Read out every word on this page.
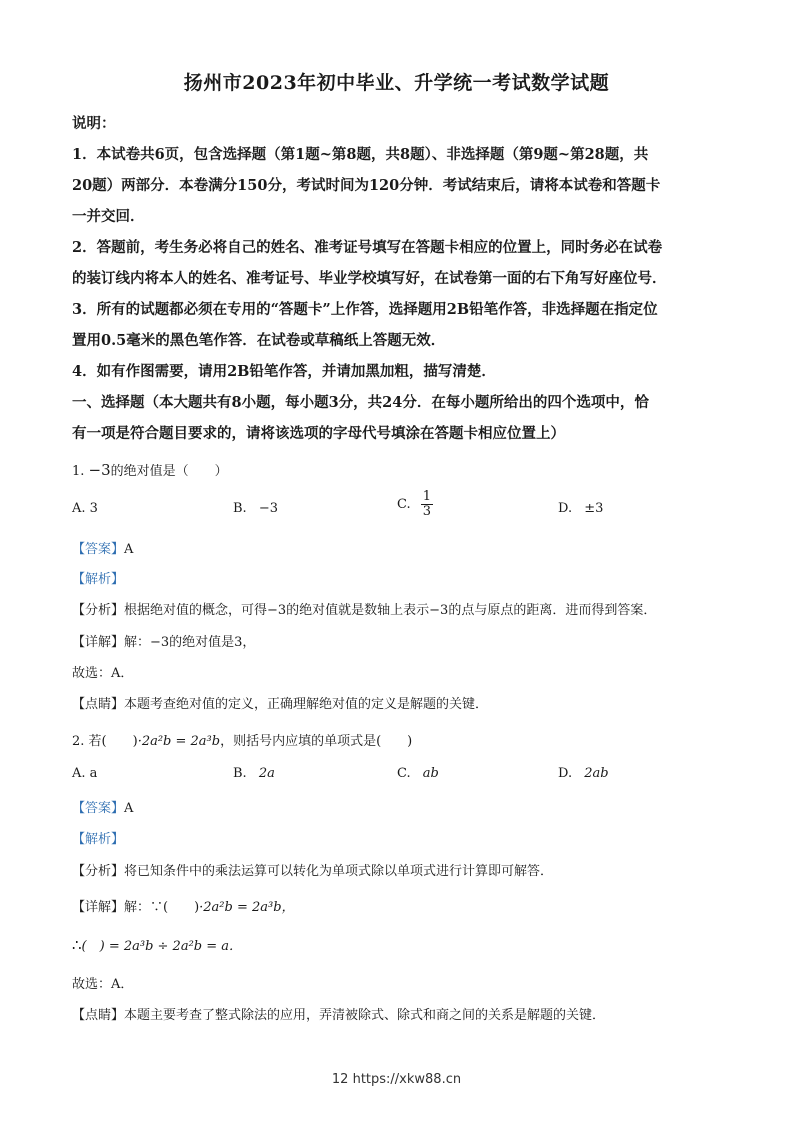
扬州市2023年初中毕业、升学统一考试数学试题
说明：
1．本试卷共6页，包含选择题（第1题~第8题，共8题）、非选择题（第9题~第28题，共
20题）两部分．本卷满分150分，考试时间为120分钟．考试结束后，请将本试卷和答题卡
一并交回．
2．答题前，考生务必将自己的姓名、准考证号填写在答题卡相应的位置上，同时务必在试卷
的装订线内将本人的姓名、准考证号、毕业学校填写好，在试卷第一面的右下角写好座位号．
3．所有的试题都必须在专用的“答题卡”上作答，选择题用2B铅笔作答，非选择题在指定位
置用0.5毫米的黑色笔作答．在试卷或草稿纸上答题无效．
4．如有作图需要，请用2B铅笔作答，并请加黑加粗，描写清楚．
一、选择题（本大题共有8小题，每小题3分，共24分．在每小题所给出的四个选项中，恰
有一项是符合题目要求的，请将该选项的字母代号填涂在答题卡相应位置上）
1. −3的绝对值是（　　）
A. 3	B. −3	C. $\frac{1}{3}$	D. ±3
【答案】A
【解析】
【分析】根据绝对值的概念，可得−3的绝对值就是数轴上表示−3的点与原点的距离．进而得到答案．
【详解】解：−3的绝对值是3，
故选：A．
【点睛】本题考查绝对值的定义，正确理解绝对值的定义是解题的关键．
2. 若(　　)·2a²b = 2a³b，则括号内应填的单项式是(　　)
A. a	B. 2a	C. ab	D. 2ab
【答案】A
【解析】
【分析】将已知条件中的乘法运算可以转化为单项式除以单项式进行计算即可解答．
【详解】解：∵(　　)·2a²b = 2a³b，
∴(　) = 2a³b ÷ 2a²b = a．
故选：A．
【点睛】本题主要考查了整式除法的应用，弄清被除式、除式和商之间的关系是解题的关键．
12 https://xkw88.cn
